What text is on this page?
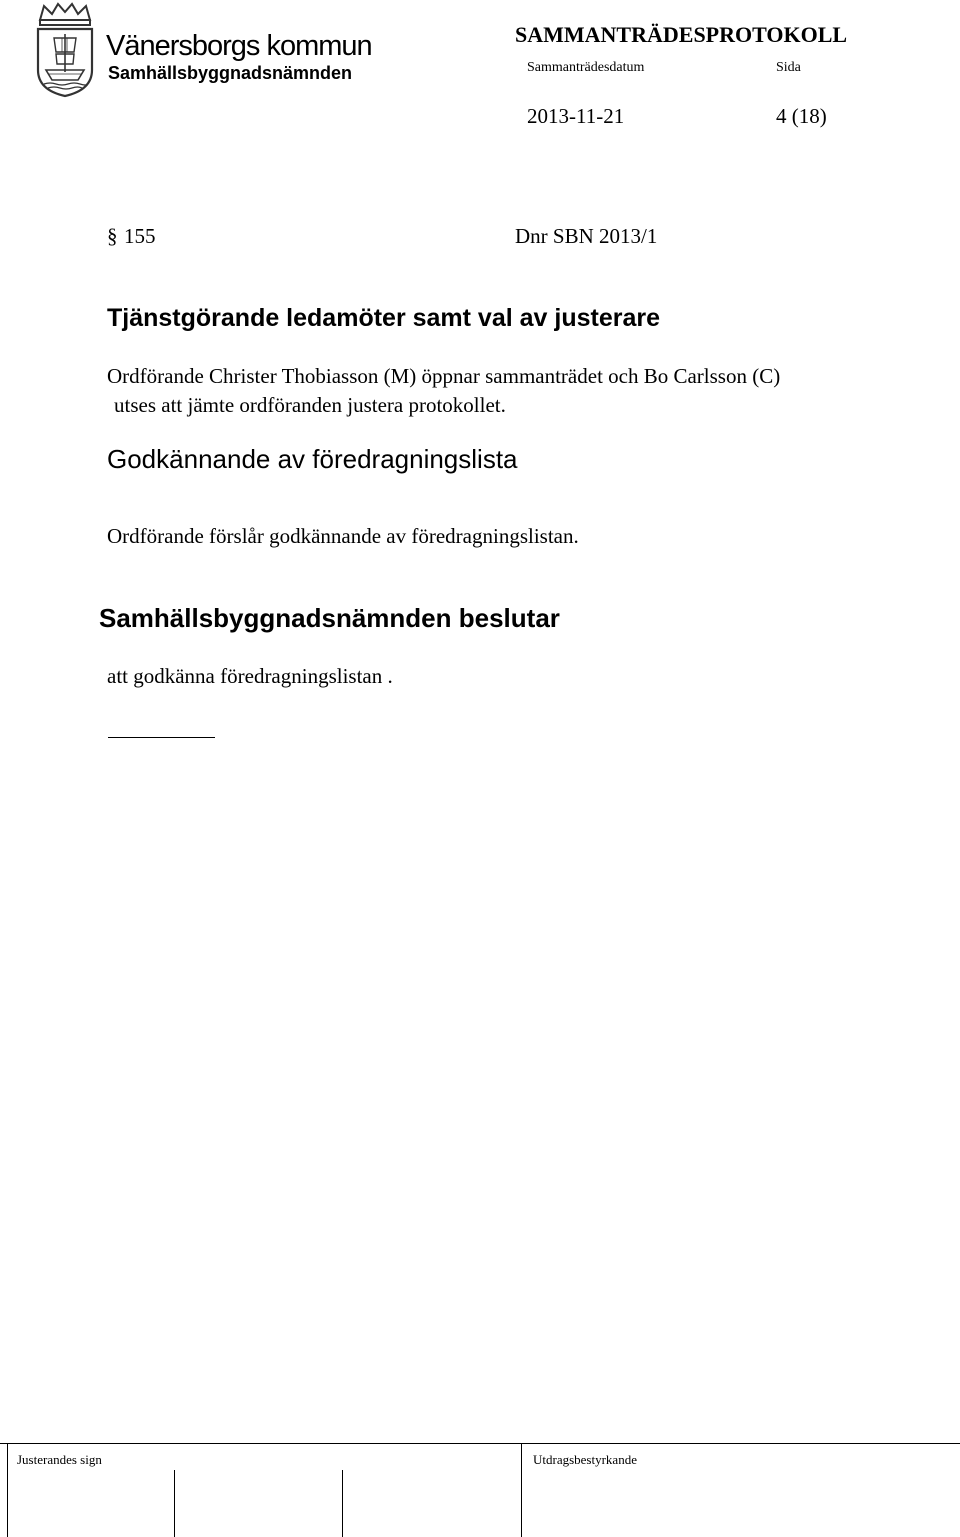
Vänersborgs kommun
Samhällsbyggnadsnämnden
SAMMANTRÄDESPROTOKOLL
Sammanträdesdatum	Sida
2013-11-21	4 (18)
§ 155	Dnr SBN 2013/1
Tjänstgörande ledamöter samt val av justerare
Ordförande Christer Thobiasson (M) öppnar sammanträdet och Bo Carlsson (C)
utses att jämte ordföranden justera protokollet.
Godkännande av föredragningslista
Ordförande förslår godkännande av föredragningslistan.
Samhällsbyggnadsnämnden beslutar
att godkänna föredragningslistan .
Justerandes sign	Utdragsbestyrkande
